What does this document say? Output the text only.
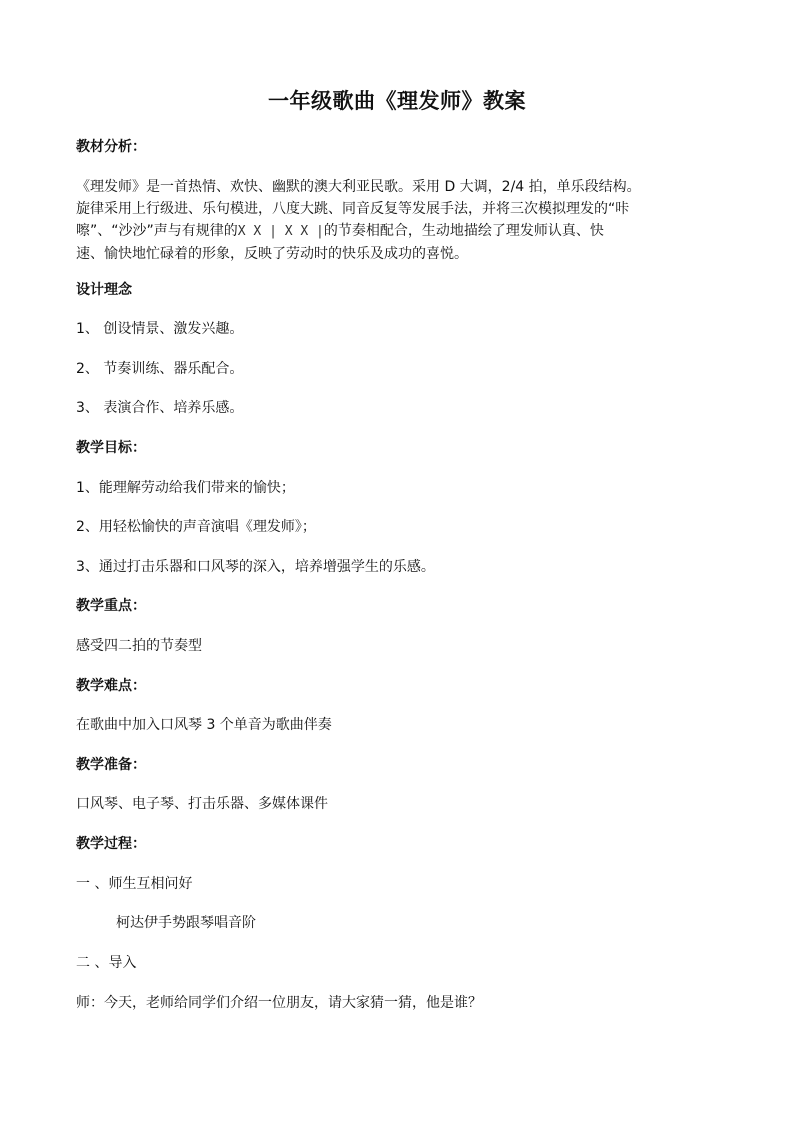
一年级歌曲《理发师》教案

教材分析：

《理发师》是一首热情、欢快、幽默的澳大利亚民歌。采用 D 大调，2/4 拍，单乐段结构。
旋律采用上行级进、乐句模进，八度大跳、同音反复等发展手法，并将三次模拟理发的“咔
嚓”、“沙沙”声与有规律的X X | X X |的节奏相配合，生动地描绘了理发师认真、快
速、愉快地忙碌着的形象，反映了劳动时的快乐及成功的喜悦。

设计理念

1、 创设情景、激发兴趣。

2、 节奏训练、器乐配合。

3、 表演合作、培养乐感。

教学目标：

1、能理解劳动给我们带来的愉快；

2、用轻松愉快的声音演唱《理发师》；

3、通过打击乐器和口风琴的深入，培养增强学生的乐感。

教学重点：

感受四二拍的节奏型

教学难点：

在歌曲中加入口风琴 3 个单音为歌曲伴奏

教学准备：

口风琴、电子琴、打击乐器、多媒体课件

教学过程：

一 、师生互相问好

柯达伊手势跟琴唱音阶

二 、导入

师：今天，老师给同学们介绍一位朋友，请大家猜一猜，他是谁？
